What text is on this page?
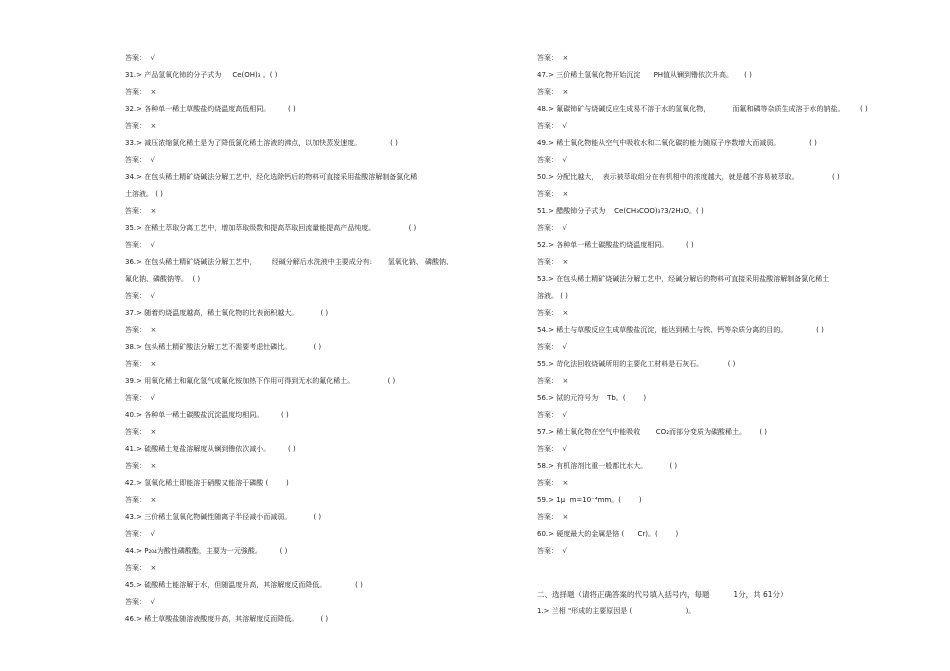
答案：  √
31.> 产品氢氧化铈的分子式为     Ce(OH)₃ 。( )
答案：  ×
32.> 各种单一稀土草酸盐灼烧温度高低相同。        ( )
答案：  ×
33.> 减压浓缩氯化稀土是为了降低氯化稀土溶液的沸点，以加快蒸发速度。             ( )
答案：  √
34.> 在包头稀土精矿烧碱法分解工艺中，经化选除钙后的物料可直接采用盐酸溶解制备氯化稀
土溶液。 ( )
答案：  ×
35.> 在稀土萃取分离工艺中，增加萃取级数和提高萃取回流量能提高产品纯度。               ( )
答案：  √
36.> 在包头稀土精矿烧碱法分解工艺中，       经碱分解后水洗液中主要成分有:       氢氧化钠、 磷酸钠、
氟化钠、磷酸钠等。  ( )
答案：  √
37.> 随着灼烧温度越高，稀土氧化物的比表面积越大。          ( )
答案：  ×
38.> 包头稀土精矿酸法分解工艺不需要考虑钍磷比。          ( )
答案：  ×
39.> 用氧化稀土和氟化氢气或氟化铵加热下作用可得到无水的氟化稀土。               ( )
答案：  √
40.> 各种单一稀土碳酸盐沉淀温度均相同。        ( )
答案：  ×
41.> 硫酸稀土复盐溶解度从镧到镥依次减小。        ( )
答案：  ×
42.> 氢氧化稀土即能溶于硝酸又能溶于磷酸 (        )
答案：  ×
43.> 三价稀土氢氧化物碱性随离子半径减小而减弱。          ( )
答案：  √
44.> P₂₀₄为酸性磷酸酯，主要为一元強酸。        ( )
答案：  ×
45.> 硫酸稀土能溶解于水，但随温度升高，其溶解度反而降低。             ( )
答案：  √
46.> 稀土草酸盐随溶液酸度升高，其溶解度反而降低。          ( )
答案：  ×
47.> 三价稀土氢氧化物开始沉淀      PH值从镧到镥依次升高。     ( )
答案：  ×
48.> 氟碳铈矿与烧碱反应生成易不溶于水的氢氧化物，          而氟和磷等杂质生成溶于水的钠盐。       ( )
答案：  √
49.> 稀土氧化物能从空气中吸收水和二氧化碳的能力随原子序数增大而减弱。             ( )
答案：  √
50.> 分配比越大，  表示被萃取组分在有机相中的浓度越大，就是越不容易被萃取。               ( )
答案：  ×
51.> 醋酸铈分子式为    Ce(CH₃COO)₃?3/2H₂O。( )
答案：  √
52.> 各种单一稀土碳酸盐灼烧温度相同。        ( )
答案：  ×
53.> 在包头稀土精矿烧碱法分解工艺中，经碱分解后的物料可直接采用盐酸溶解制备氯化稀土
溶液。 ( )
答案：  ×
54.> 稀土与草酸反应生成草酸盐沉淀，能达到稀土与铁、钙等杂质分离的目的。             ( )
答案：  √
55.> 苛化法回收烧碱所用的主要化工材料是石灰石。           ( )
答案：  ×
56.> 铽的元符号为    Tb。(        )
答案：  √
57.> 稀土氧化物在空气中能吸收       CO₂而部分变质为碳酸稀土。      ( )
答案：  √
58.> 有机溶剂比重一般都比水大。          ( )
答案：  ×
59.> 1μ  m=10⁻⁴mm。(        )
答案：  ×
60.> 硬度最大的金属是铬 (      Cr)。(        )
答案：  √
二、选择题（请将正确答案的代号填入括号内，每题          1分，共 61分）
1.> 兰相 "形成的主要原因是 (                        )。
